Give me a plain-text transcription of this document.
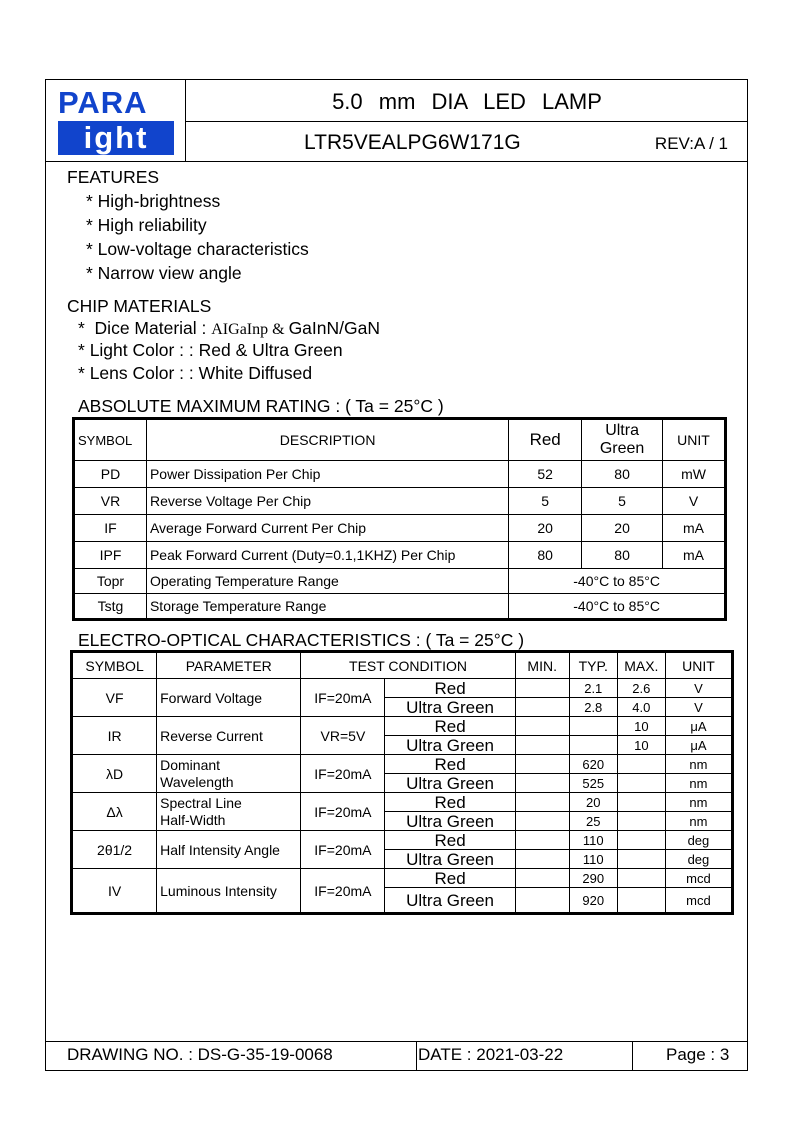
PARA
ight
5.0 mm DIA LED LAMP
LTR5VEALPG6W171G	REV:A / 1
FEATURES
* High-brightness
* High reliability
* Low-voltage characteristics
* Narrow view angle
CHIP MATERIALS
* Dice Material : AIGaInp & GaInN/GaN
* Light Color : : Red & Ultra Green
* Lens Color : : White Diffused
ABSOLUTE MAXIMUM RATING : ( Ta = 25°C )
SYMBOL	DESCRIPTION	Red	Ultra Green	UNIT
PD	Power Dissipation Per Chip	52	80	mW
VR	Reverse Voltage Per Chip	5	5	V
IF	Average Forward Current Per Chip	20	20	mA
IPF	Peak Forward Current (Duty=0.1,1KHZ) Per Chip	80	80	mA
Topr	Operating Temperature Range	-40°C to 85°C		
Tstg	Storage Temperature Range	-40°C to 85°C		
ELECTRO-OPTICAL CHARACTERISTICS : ( Ta = 25°C )
SYMBOL	PARAMETER	TEST CONDITION		MIN.	TYP.	MAX.	UNIT
VF	Forward Voltage	IF=20mA	Red		2.1	2.6	V
			Ultra Green		2.8	4.0	V
IR	Reverse Current	VR=5V	Red			10	μA
			Ultra Green			10	μA
λD	Dominant Wavelength	IF=20mA	Red		620		nm
			Ultra Green		525		nm
Δλ	Spectral Line Half-Width	IF=20mA	Red		20		nm
			Ultra Green		25		nm
2θ1/2	Half Intensity Angle	IF=20mA	Red		110		deg
			Ultra Green		110		deg
IV	Luminous Intensity	IF=20mA	Red		290		mcd
			Ultra Green		920		mcd
DRAWING NO. : DS-G-35-19-0068	DATE : 2021-03-22	Page : 3
